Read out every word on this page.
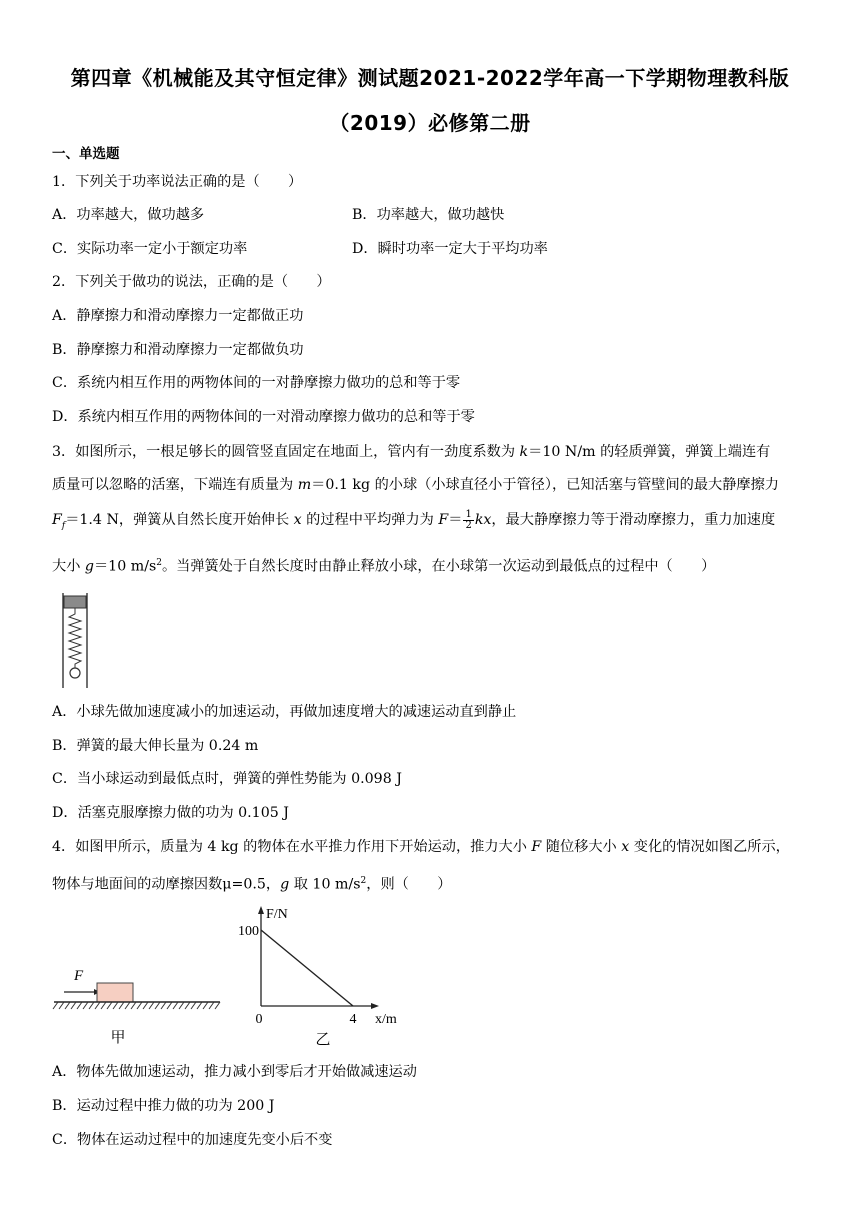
第四章《机械能及其守恒定律》测试题2021-2022学年高一下学期物理教科版
（2019）必修第二册
一、单选题
1．下列关于功率说法正确的是（　　）
A．功率越大，做功越多	B．功率越大，做功越快
C．实际功率一定小于额定功率	D．瞬时功率一定大于平均功率
2．下列关于做功的说法，正确的是（　　）
A．静摩擦力和滑动摩擦力一定都做正功
B．静摩擦力和滑动摩擦力一定都做负功
C．系统内相互作用的两物体间的一对静摩擦力做功的总和等于零
D．系统内相互作用的两物体间的一对滑动摩擦力做功的总和等于零
3．如图所示，一根足够长的圆管竖直固定在地面上，管内有一劲度系数为 k＝10 N/m 的轻质弹簧，弹簧上端连有
质量可以忽略的活塞，下端连有质量为 m＝0.1 kg 的小球（小球直径小于管径），已知活塞与管壁间的最大静摩擦力
$F_f=1.4$ N，弹簧从自然长度开始伸长 x 的过程中平均弹力为 $F= \frac{1}{2}$ kx，最大静摩擦力等于滑动摩擦力，重力加速度
大小 g＝10 $m/s^2$。当弹簧处于自然长度时由静止释放小球，在小球第一次运动到最低点的过程中（　　）
A．小球先做加速度减小的加速运动，再做加速度增大的减速运动直到静止
B．弹簧的最大伸长量为 0.24 m
C．当小球运动到最低点时，弹簧的弹性势能为 0.098 J
D．活塞克服摩擦力做的功为 0.105 J
4．如图甲所示，质量为 4 kg 的物体在水平推力作用下开始运动，推力大小 F 随位移大小 x 变化的情况如图乙所示，
物体与地面间的动摩擦因数μ=0.5，g 取 10 $m/s^2$，则（　　）
F
甲
F/N
x/m
0
100
4
乙
A．物体先做加速运动，推力减小到零后才开始做减速运动
B．运动过程中推力做的功为 200 J
C．物体在运动过程中的加速度先变小后不变
